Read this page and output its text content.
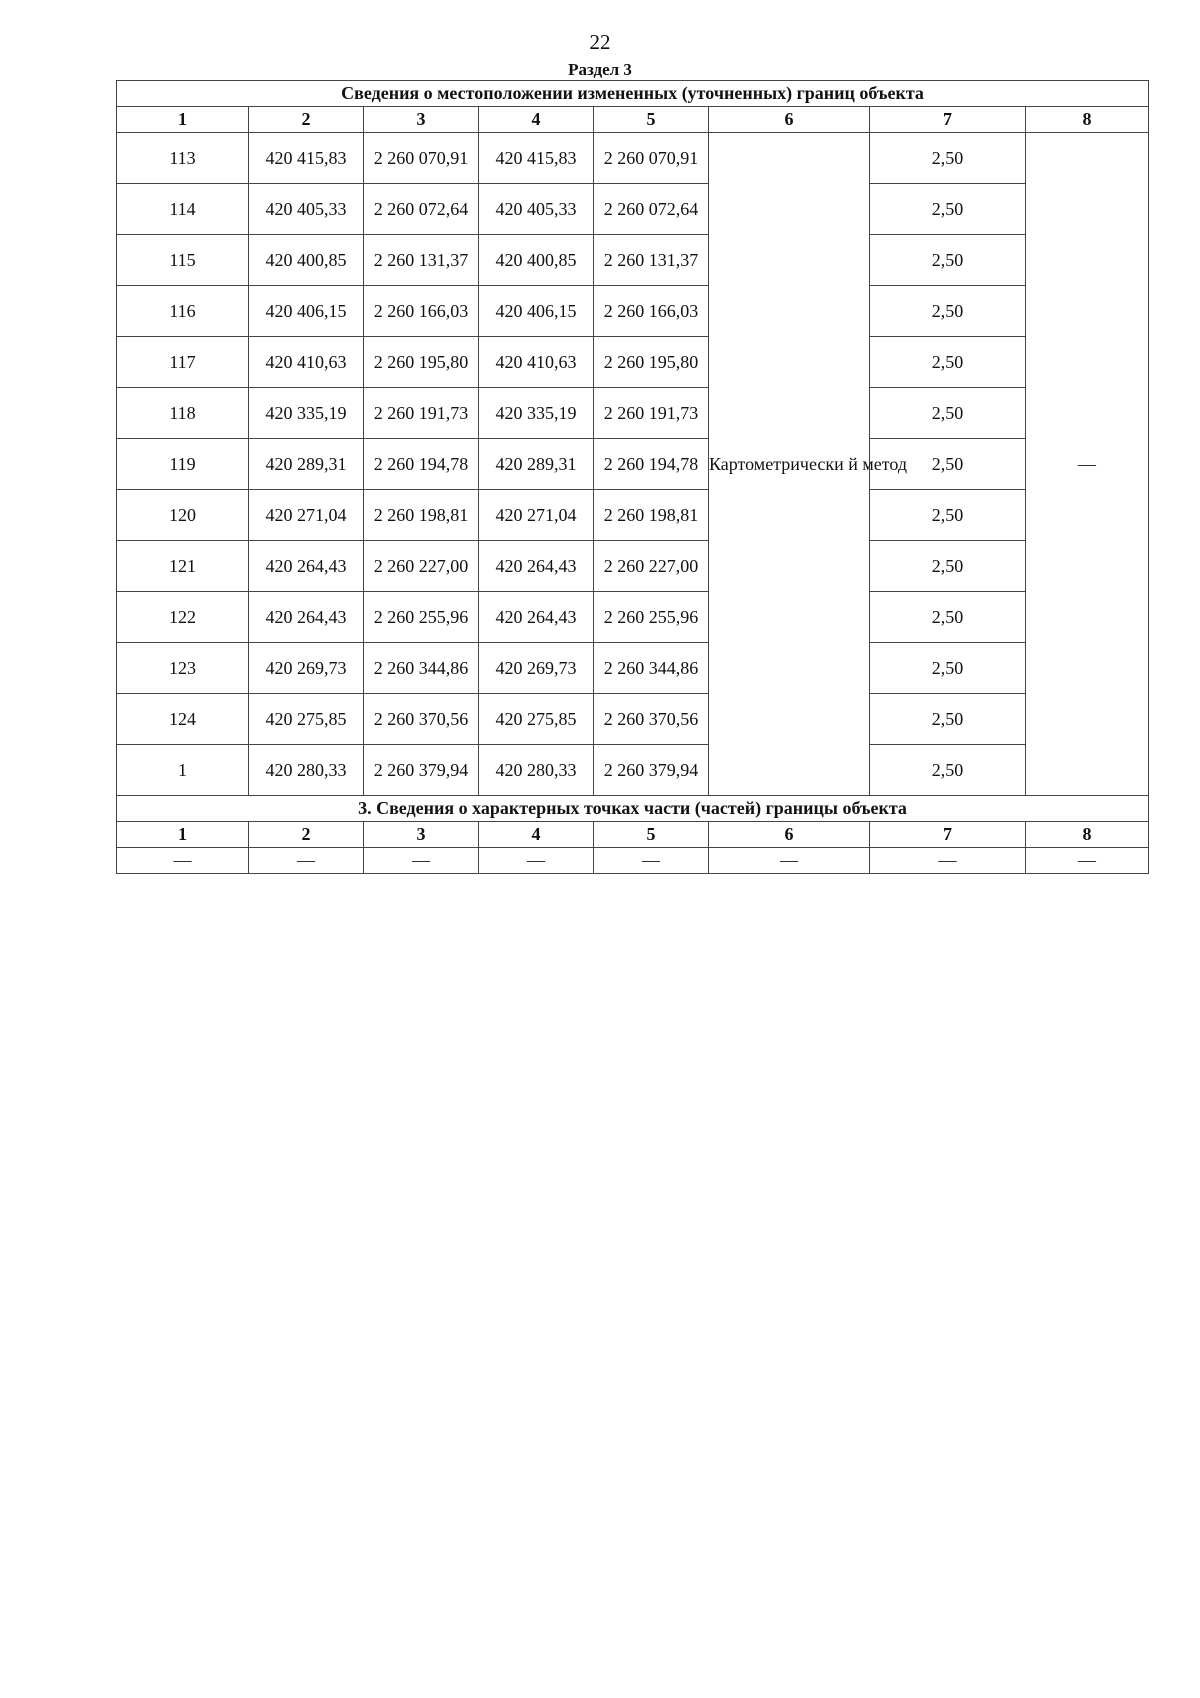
22
Раздел 3
Сведения о местоположении измененных (уточненных) границ объекта							
1	2	3	4	5	6	7	8
113	420 415,83	2 260 070,91	420 415,83	2 260 070,91	Картометрически й метод	2,50	—
114	420 405,33	2 260 072,64	420 405,33	2 260 072,64		2,50	
115	420 400,85	2 260 131,37	420 400,85	2 260 131,37		2,50	
116	420 406,15	2 260 166,03	420 406,15	2 260 166,03		2,50	
117	420 410,63	2 260 195,80	420 410,63	2 260 195,80		2,50	
118	420 335,19	2 260 191,73	420 335,19	2 260 191,73		2,50	
119	420 289,31	2 260 194,78	420 289,31	2 260 194,78		2,50	
120	420 271,04	2 260 198,81	420 271,04	2 260 198,81		2,50	
121	420 264,43	2 260 227,00	420 264,43	2 260 227,00		2,50	
122	420 264,43	2 260 255,96	420 264,43	2 260 255,96		2,50	
123	420 269,73	2 260 344,86	420 269,73	2 260 344,86		2,50	
124	420 275,85	2 260 370,56	420 275,85	2 260 370,56		2,50	
1	420 280,33	2 260 379,94	420 280,33	2 260 379,94		2,50	
3. Сведения о характерных точках части (частей) границы объекта							
1	2	3	4	5	6	7	8
—	—	—	—	—	—	—	—
